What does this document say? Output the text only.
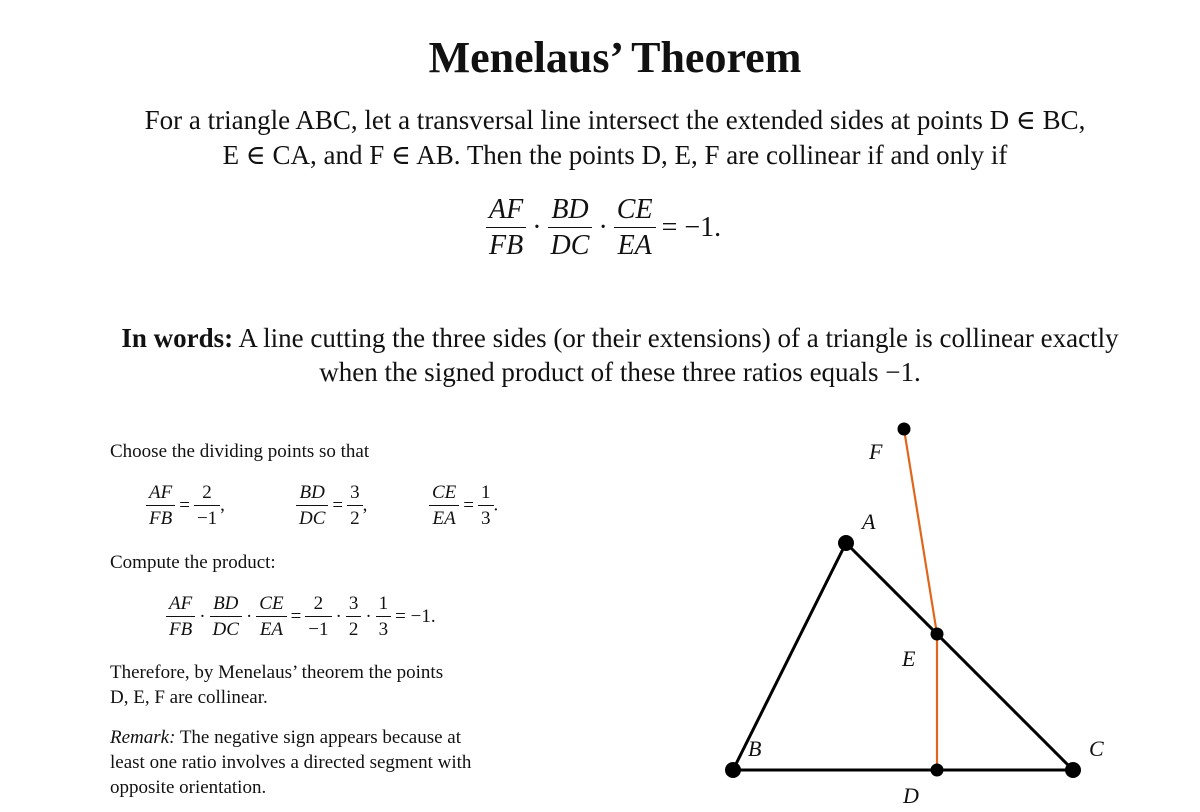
Menelaus’ Theorem
For a triangle ABC, let a transversal line intersect the extended sides at points D ∈ BC,
E ∈ CA, and F ∈ AB. Then the points D, E, F are collinear if and only if
$\frac{AF}{FB} \cdot \frac{BD}{DC} \cdot \frac{CE}{EA} = -1$.
In words: A line cutting the three sides (or their extensions) of a triangle is collinear exactly
when the signed product of these three ratios equals −1.
Choose the dividing points so that
$\frac{AF}{FB} = \frac{2}{-1}$ ,	$\frac{BD}{DC} = \frac{3}{2}$ ,	$\frac{CE}{EA} = \frac{1}{3}$ .
Compute the product:
$\frac{AF}{FB} \cdot \frac{BD}{DC} \cdot \frac{CE}{EA} = \frac{2}{-1} \cdot \frac{3}{2} \cdot \frac{1}{3} = -1$.
Therefore, by Menelaus’ theorem the points
D, E, F are collinear.
Remark: The negative sign appears because at
least one ratio involves a directed segment with
opposite orientation.
A
B	C
D
E
F
